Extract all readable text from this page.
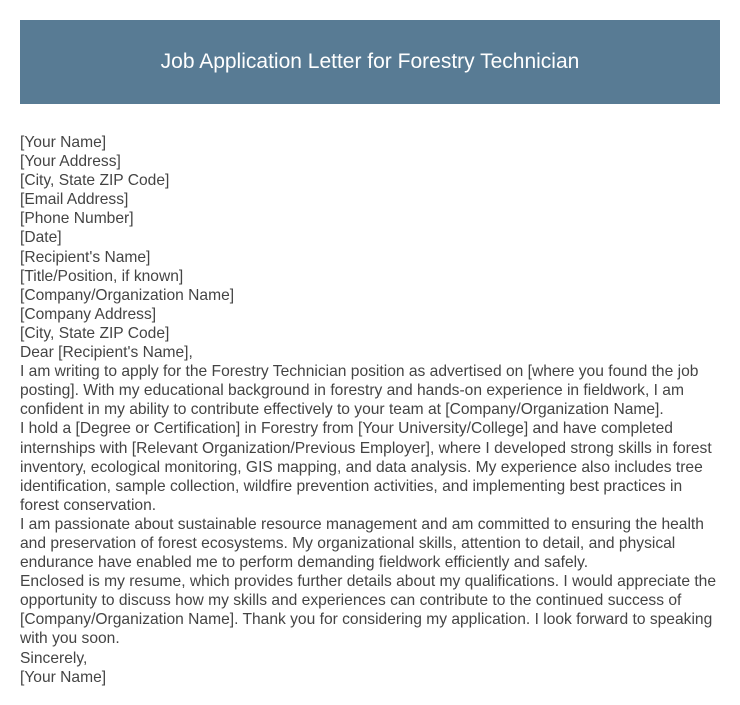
Job Application Letter for Forestry Technician

[Your Name]

[Your Address]

[City, State ZIP Code]

[Email Address]

[Phone Number]

[Date]

[Recipient's Name]

[Title/Position, if known]

[Company/Organization Name]

[Company Address]

[City, State ZIP Code]

Dear [Recipient's Name],

I am writing to apply for the Forestry Technician position as advertised on [where you found the job posting]. With my educational background in forestry and hands-on experience in fieldwork, I am confident in my ability to contribute effectively to your team at [Company/Organization Name].

I hold a [Degree or Certification] in Forestry from [Your University/College] and have completed internships with [Relevant Organization/Previous Employer], where I developed strong skills in forest inventory, ecological monitoring, GIS mapping, and data analysis. My experience also includes tree identification, sample collection, wildfire prevention activities, and implementing best practices in forest conservation.

I am passionate about sustainable resource management and am committed to ensuring the health and preservation of forest ecosystems. My organizational skills, attention to detail, and physical endurance have enabled me to perform demanding fieldwork efficiently and safely.

Enclosed is my resume, which provides further details about my qualifications. I would appreciate the opportunity to discuss how my skills and experiences can contribute to the continued success of [Company/Organization Name]. Thank you for considering my application. I look forward to speaking with you soon.

Sincerely,

[Your Name]
